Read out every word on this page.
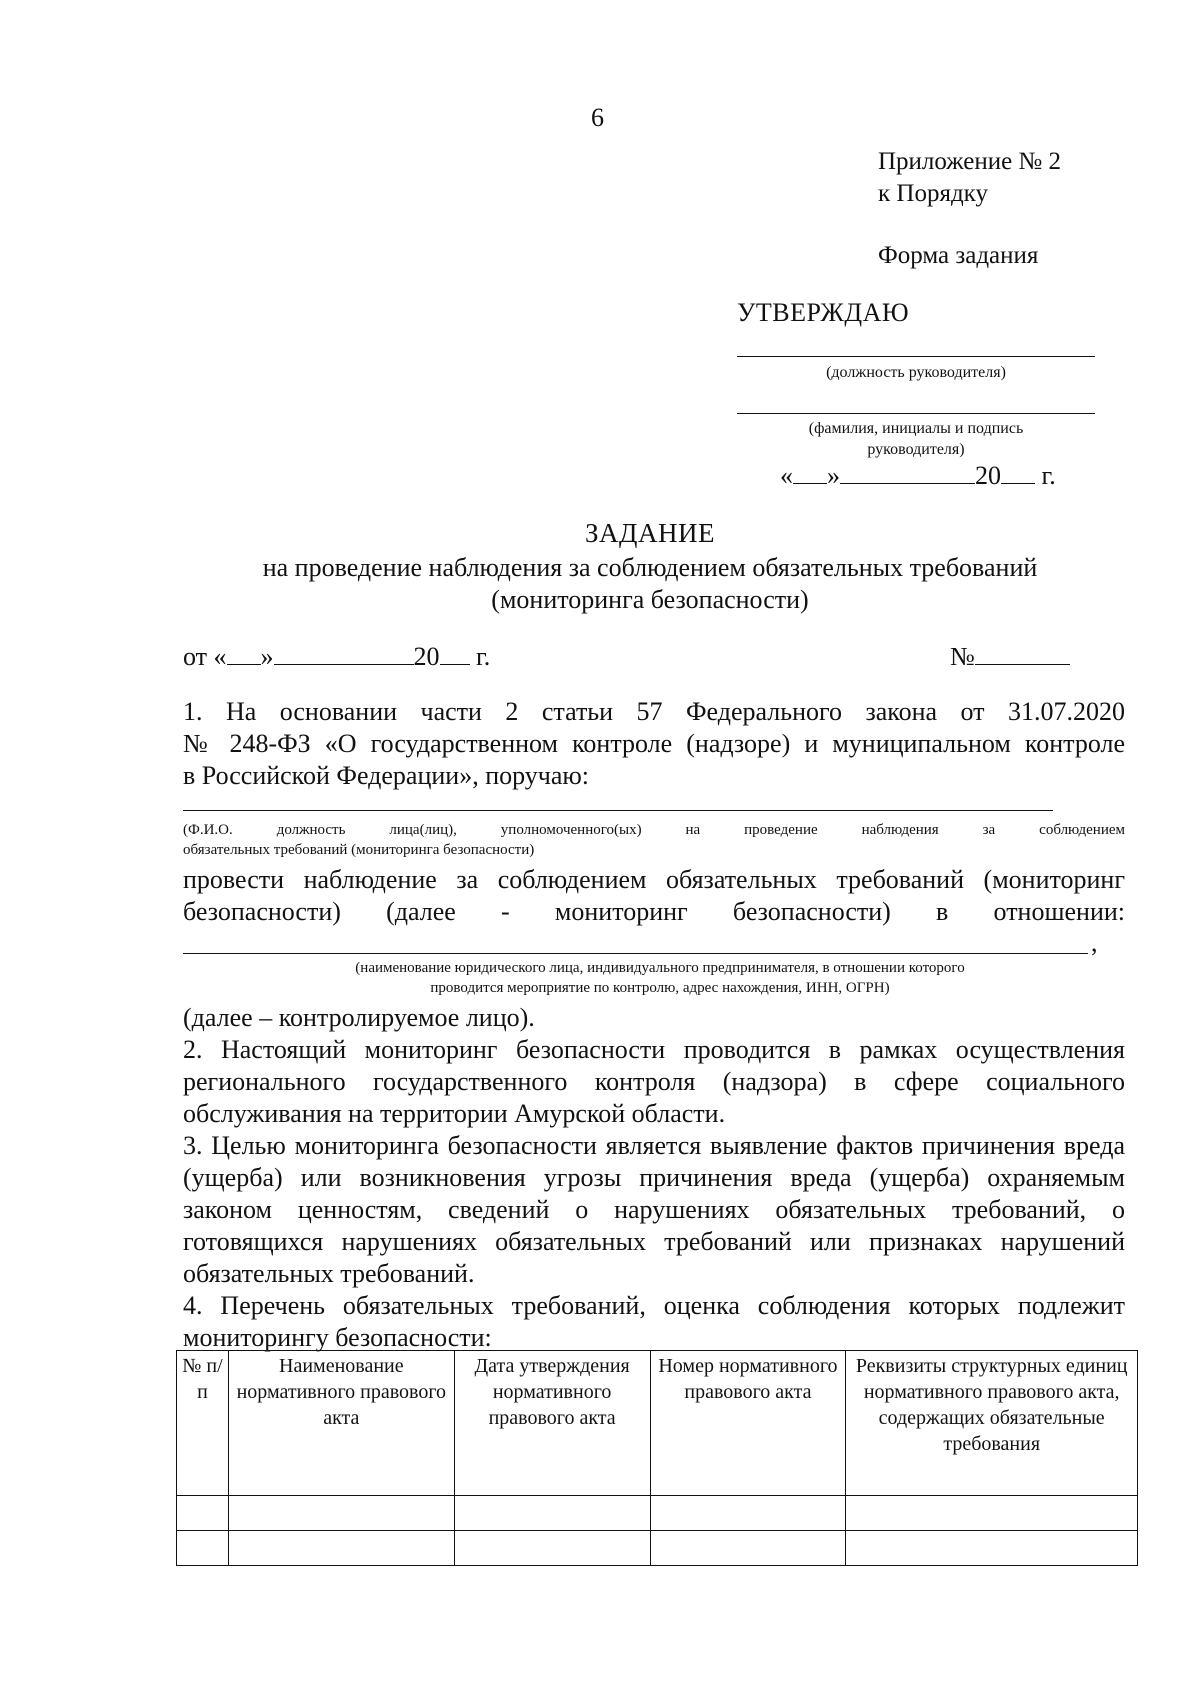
6
Приложение № 2
к Порядку
Форма задания
УТВЕРЖДАЮ
(должность руководителя)
(фамилия, инициалы и подпись
руководителя)
« »	20 г.
ЗАДАНИЕ
на проведение наблюдения за соблюдением обязательных требований
(мониторинга безопасности)
от « »	20 г.	№
1. На основании части 2 статьи 57 Федерального закона от 31.07.2020
№ 248-ФЗ «О государственном контроле (надзоре) и муниципальном контроле
в Российской Федерации», поручаю:
(Ф.И.О. должность лица(лиц), уполномоченного(ых) на проведение наблюдения за соблюдением
обязательных требований (мониторинга безопасности)
провести наблюдение за соблюдением обязательных требований (мониторинг
безопасности) (далее - мониторинг безопасности) в отношении:
,
(наименование юридического лица, индивидуального предпринимателя, в отношении которого
проводится мероприятие по контролю, адрес нахождения, ИНН, ОГРН)
(далее – контролируемое лицо).
2. Настоящий мониторинг безопасности проводится в рамках осуществления регионального государственного контроля (надзора) в сфере социального обслуживания на территории Амурской области.
3. Целью мониторинга безопасности является выявление фактов причинения вреда (ущерба) или возникновения угрозы причинения вреда (ущерба) охраняемым законом ценностям, сведений о нарушениях обязательных требований, о готовящихся нарушениях обязательных требований или признаках нарушений обязательных требований.
4. Перечень обязательных требований, оценка соблюдения которых подлежит мониторингу безопасности:
№ п/п	Наименование нормативного правового акта	Дата утверждения нормативного правового акта	Номер нормативного правового акта	Реквизиты структурных единиц нормативного правового акта, содержащих обязательные требования
